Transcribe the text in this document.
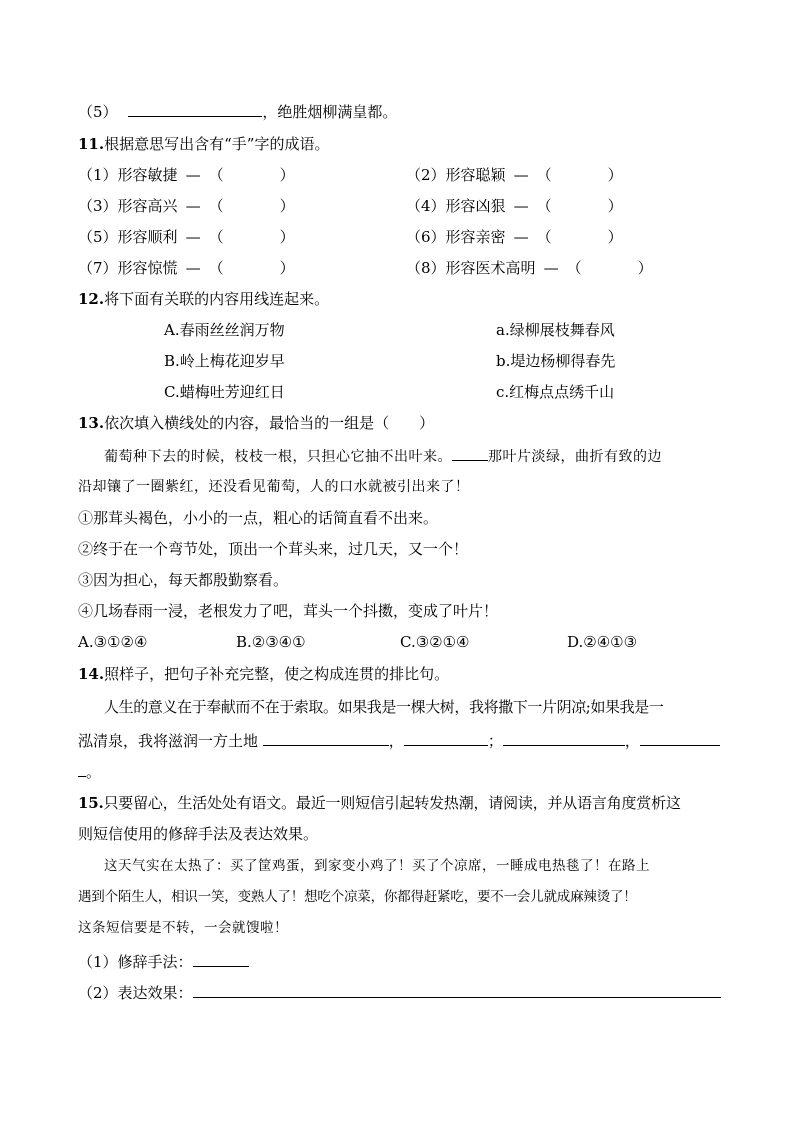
（5）	，绝胜烟柳满皇都。
11.根据意思写出含有“手”字的成语。
（1）形容敏捷 — （	）	（2）形容聪颖 — （	）
（3）形容高兴 — （	）	（4）形容凶狠 — （	）
（5）形容顺利 — （	）	（6）形容亲密 — （	）
（7）形容惊慌 — （	）	（8）形容医术高明 — （	）
12.将下面有关联的内容用线连起来。
A.春雨丝丝润万物	a.绿柳展枝舞春风
B.岭上梅花迎岁早	b.堤边杨柳得春先
C.蜡梅吐芳迎红日	c.红梅点点绣千山
13.依次填入横线处的内容，最恰当的一组是（　　）
葡萄种下去的时候，枝枝一根，只担心它抽不出叶来。	那叶片淡绿，曲折有致的边
沿却镶了一圈紫红，还没看见葡萄，人的口水就被引出来了！
①那茸头褐色，小小的一点，粗心的话简直看不出来。
②终于在一个弯节处，顶出一个茸头来，过几天，又一个！
③因为担心，每天都殷勤察看。
④几场春雨一浸，老根发力了吧，茸头一个抖擞，变成了叶片！
A.③①②④	B.②③④①	C.③②①④	D.②④①③
14.照样子，把句子补充完整，使之构成连贯的排比句。
人生的意义在于奉献而不在于索取。如果我是一棵大树，我将撒下一片阴凉;如果我是一
泓清泉，我将滋润一方土地	，	；	，
。
15.只要留心，生活处处有语文。最近一则短信引起转发热潮，请阅读，并从语言角度赏析这
则短信使用的修辞手法及表达效果。
这天气实在太热了：买了筐鸡蛋，到家变小鸡了！买了个凉席，一睡成电热毯了！在路上
遇到个陌生人，相识一笑，变熟人了！想吃个凉菜，你都得赶紧吃，要不一会儿就成麻辣烫了！
这条短信要是不转，一会就馊啦！
（1）修辞手法：
（2）表达效果：
